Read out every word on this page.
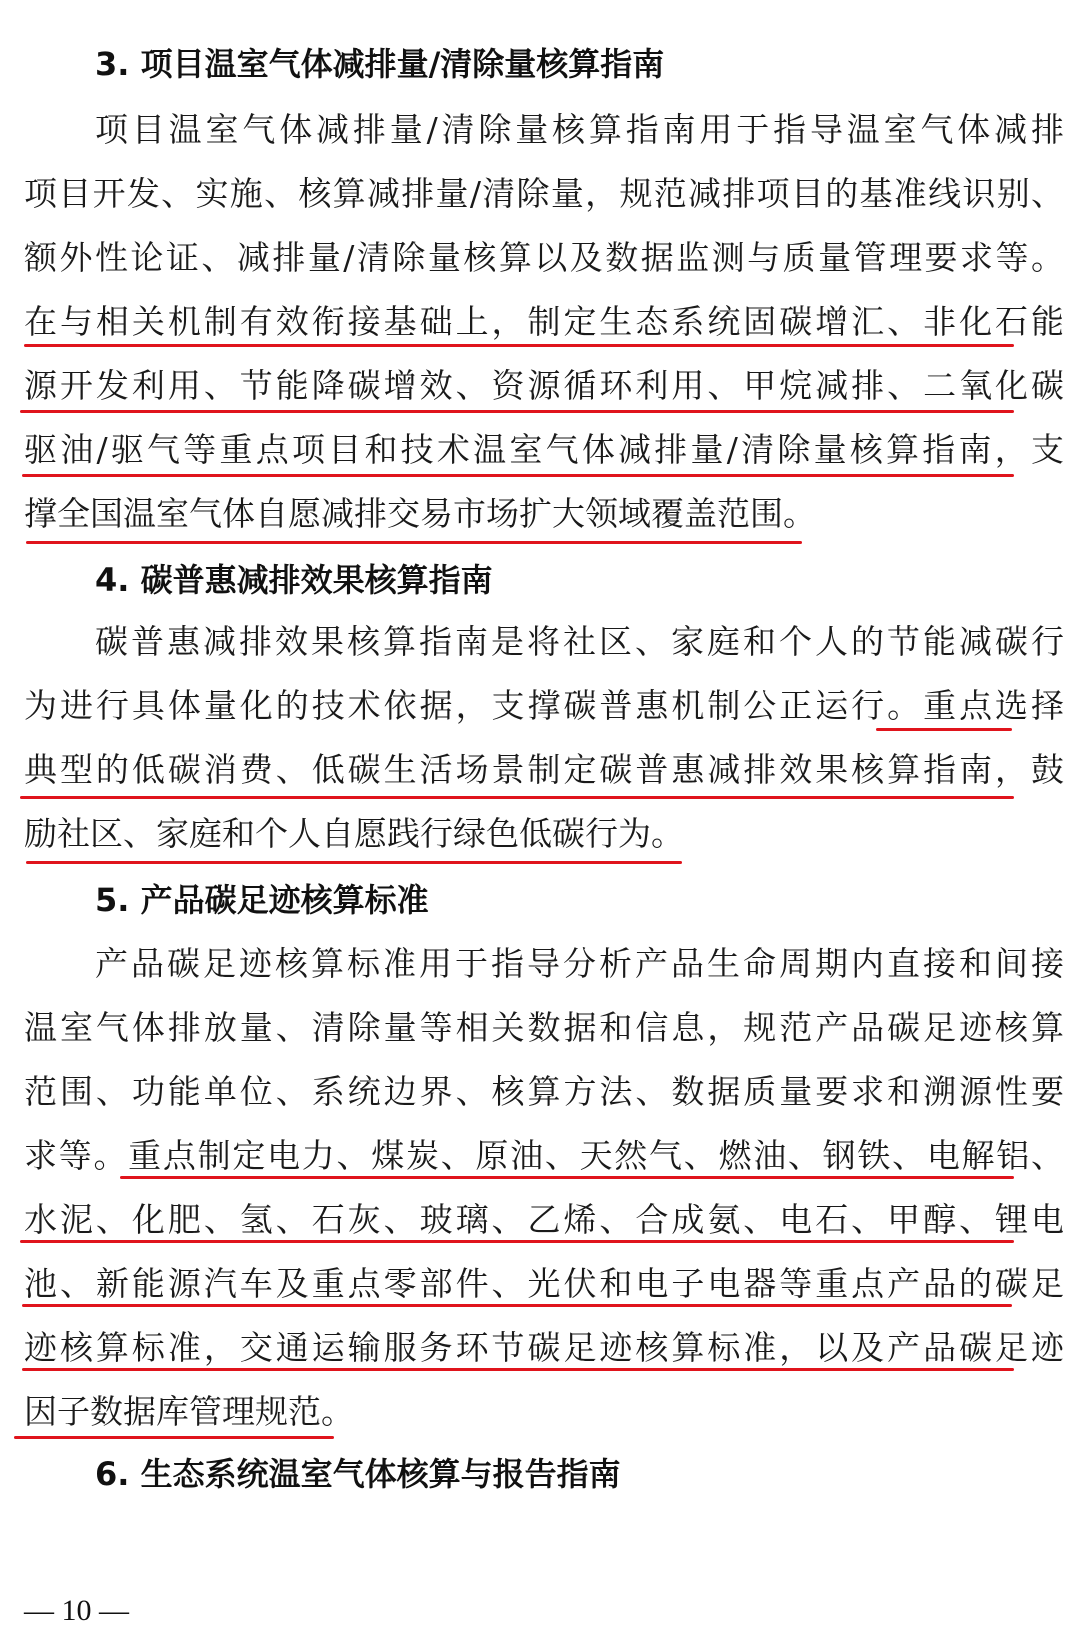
3. 项目温室气体减排量/清除量核算指南
项目温室气体减排量/清除量核算指南用于指导温室气体减排
项目开发、实施、核算减排量/清除量，规范减排项目的基准线识别、
额外性论证、减排量/清除量核算以及数据监测与质量管理要求等。
在与相关机制有效衔接基础上，制定生态系统固碳增汇、非化石能
源开发利用、节能降碳增效、资源循环利用、甲烷减排、二氧化碳
驱油/驱气等重点项目和技术温室气体减排量/清除量核算指南，支
撑全国温室气体自愿减排交易市场扩大领域覆盖范围。
4. 碳普惠减排效果核算指南
碳普惠减排效果核算指南是将社区、家庭和个人的节能减碳行
为进行具体量化的技术依据，支撑碳普惠机制公正运行。重点选择
典型的低碳消费、低碳生活场景制定碳普惠减排效果核算指南，鼓
励社区、家庭和个人自愿践行绿色低碳行为。
5. 产品碳足迹核算标准
产品碳足迹核算标准用于指导分析产品生命周期内直接和间接
温室气体排放量、清除量等相关数据和信息，规范产品碳足迹核算
范围、功能单位、系统边界、核算方法、数据质量要求和溯源性要
求等。重点制定电力、煤炭、原油、天然气、燃油、钢铁、电解铝、
水泥、化肥、氢、石灰、玻璃、乙烯、合成氨、电石、甲醇、锂电
池、新能源汽车及重点零部件、光伏和电子电器等重点产品的碳足
迹核算标准，交通运输服务环节碳足迹核算标准，以及产品碳足迹
因子数据库管理规范。
6. 生态系统温室气体核算与报告指南
— 10 —
